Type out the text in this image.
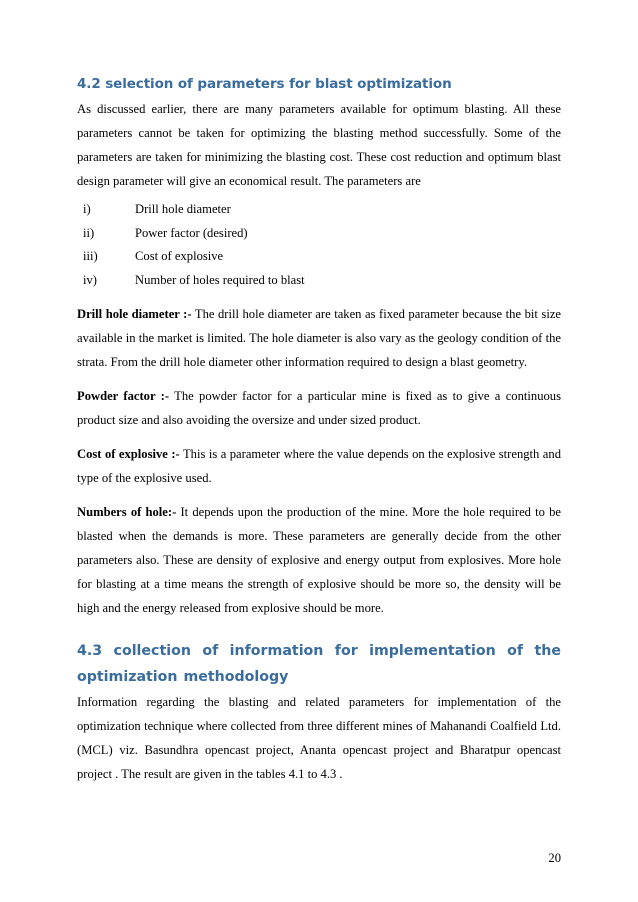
4.2 selection of parameters for blast optimization

As discussed earlier, there are many parameters available for optimum blasting. All these parameters cannot be taken for optimizing the blasting method successfully. Some of the parameters are taken for minimizing the blasting cost. These cost reduction and optimum blast design parameter will give an economical result. The parameters are

i)	Drill hole diameter
ii)	Power factor (desired)
iii)	Cost of explosive
iv)	Number of holes required to blast

Drill hole diameter :- The drill hole diameter are taken as fixed parameter because the bit size available in the market is limited. The hole diameter is also vary as the geology condition of the strata. From the drill hole diameter other information required to design a blast geometry.

Powder factor :- The powder factor for a particular mine is fixed as to give a continuous product size and also avoiding the oversize and under sized product.

Cost of explosive :- This is a parameter where the value depends on the explosive strength and type of the explosive used.

Numbers of hole:- It depends upon the production of the mine. More the hole required to be blasted when the demands is more. These parameters are generally decide from the other parameters also. These are density of explosive and energy output from explosives. More hole for blasting at a time means the strength of explosive should be more so, the density will be high and the energy released from explosive should be more.

4.3 collection of information for implementation of the optimization methodology

Information regarding the blasting and related parameters for implementation of the optimization technique where collected from three different mines of Mahanandi Coalfield Ltd.(MCL) viz. Basundhra opencast project, Ananta opencast project and Bharatpur opencast project . The result are given in the tables 4.1 to 4.3 .

20
